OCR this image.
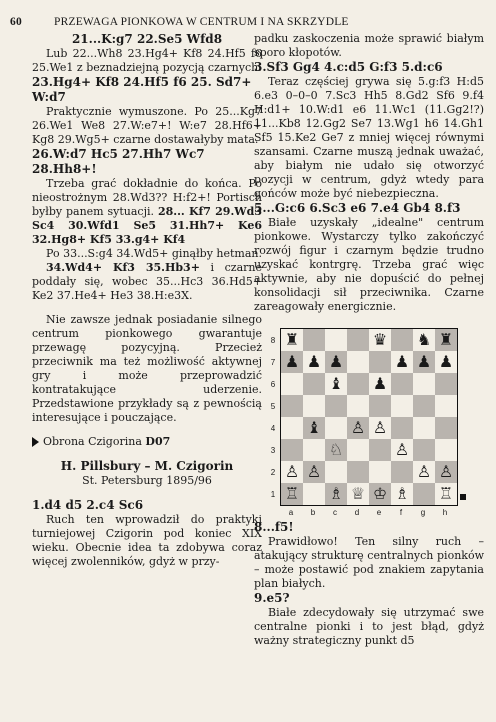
60	PRZEWAGA PIONKOWA W CENTRUM I NA SKRZYDLE
21...K:g7 22.Se5 Wfd8

Lub 22...Wh8 23.Hg4+ Kf8 24.Hf5 f6 25.We1 z beznadziejną pozycją czarnych.

23.Hg4+ Kf8 24.Hf5 f6 25. Sd7+ W:d7

Praktycznie wymuszone. Po 25...Kg7 26.We1 We8 27.W:e7+! W:e7 28.Hf6+ Kg8 29.Wg5+ czarne dostawałyby mata.

26.W:d7 Hc5 27.Hh7 Wc7 28.Hh8+!

Trzeba grać dokładnie do końca. Po nieostrożnym 28.Wd3?? H:f2+! Portisch byłby panem sytuacji. 28... Kf7 29.Wd3 Sc4 30.Wfd1 Se5 31.Hh7+ Ke6 32.Hg8+ Kf5 33.g4+ Kf4

Po 33...S:g4 34.Wd5+ ginąłby hetman.

34.Wd4+ Kf3 35.Hb3+ i czarne poddały się, wobec 35...Hc3 36.Hd5+ Ke2 37.He4+ He3 38.H:e3X.

Nie zawsze jednak posiadanie silnego centrum pionkowego gwarantuje przewagę pozycyjną. Przecież przeciwnik ma też możliwość aktywnej gry i może przeprowadzić kontratakujące uderzenie. Przedstawione przykłady są z pewnością interesujące i pouczające.

Obrona Czigorina D07
H. Pillsbury – M. Czigorin
St. Petersburg 1895/96
1.d4 d5 2.c4 Sc6

Ruch ten wprowadził do praktyki turniejowej Czigorin pod koniec XIX wieku. Obecnie idea ta zdobywa coraz więcej zwolenników, gdyż w przy-

padku zaskoczenia może sprawić białym sporo kłopotów.

3.Sf3 Gg4 4.c:d5 G:f3 5.d:c6

Teraz częściej grywa się 5.g:f3 H:d5 6.e3 0–0–0 7.Sc3 Hh5 8.Gd2 Sf6 9.f4 H:d1+ 10.W:d1 e6 11.Wc1 (11.Gg2!?) 11...Kb8 12.Gg2 Se7 13.Wg1 h6 14.Gh1 Sf5 15.Ke2 Ge7 z mniej więcej równymi szansami. Czarne muszą jednak uważać, aby białym nie udało się otworzyć pozycji w centrum, gdyż wtedy para gońców może być niebezpieczna.

5...G:c6 6.Sc3 e6 7.e4 Gb4 8.f3

Białe uzyskały „idealne" centrum pionkowe. Wystarczy tylko zakończyć rozwój figur i czarnym będzie trudno uzyskać kontrgrę. Trzeba grać więc aktywnie, aby nie dopuścić do pełnej konsolidacji sił przeciwnika. Czarne zareagowały energicznie.

8
7
6
5
4
3
2
1
♜	♛ ♞ ♜
♟ ♟ ♟	♟ ♟ ♟
♝ ♟
♝ ♙ ♙
♘	♙
♙ ♙	♙ ♙
♖ ♗ ♕ ♔ ♗ ♖
a	b	c	d	e	f	g	h
8...f5!

Prawidłowo! Ten silny ruch – atakujący strukturę centralnych pionków – może postawić pod znakiem zapytania plan białych.

9.e5?

Białe zdecydowały się utrzymać swe centralne pionki i to jest błąd, gdyż ważny strategiczny punkt d5
